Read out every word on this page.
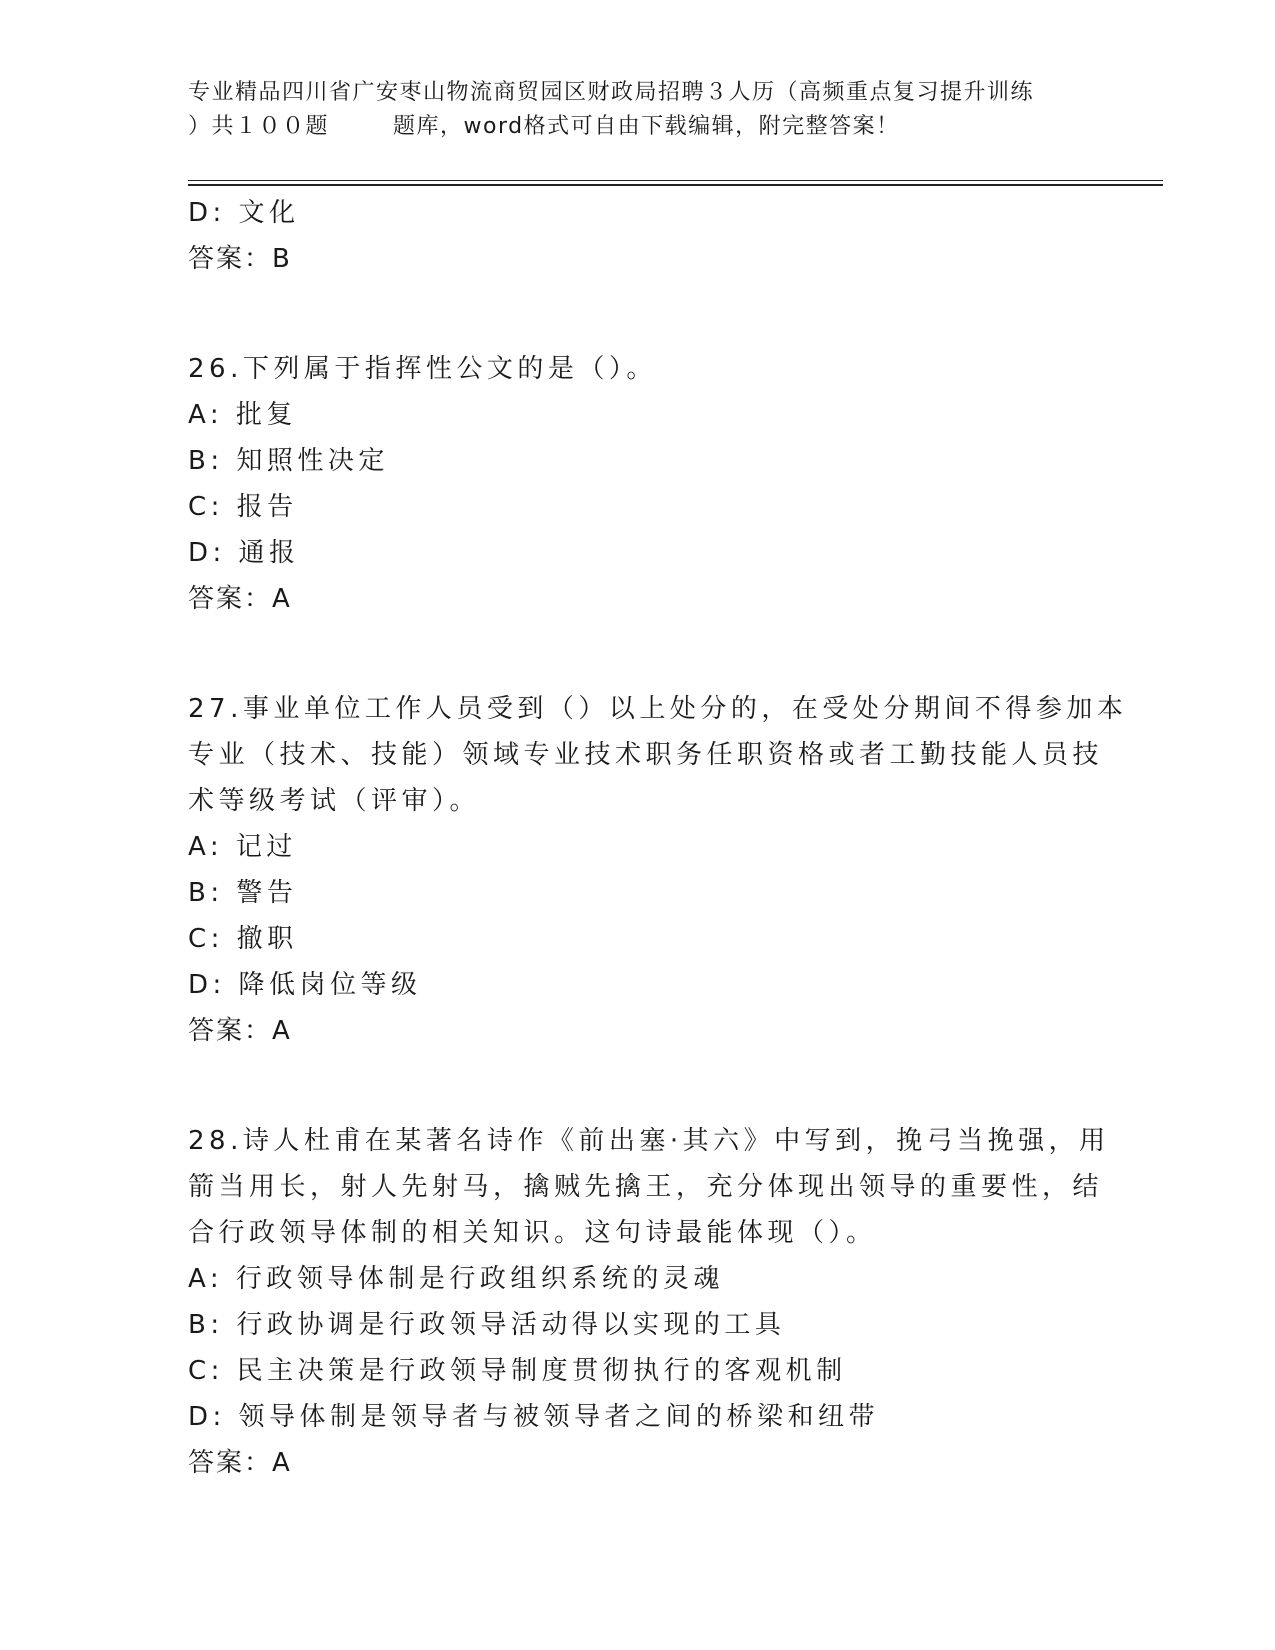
专业精品四川省广安枣山物流商贸园区财政局招聘３人历（高频重点复习提升训练
）共１００题	题库，word格式可自由下载编辑，附完整答案！
D: 文化
答案：B
26.下列属于指挥性公文的是（）。
A: 批复
B: 知照性决定
C: 报告
D: 通报
答案：A
27.事业单位工作人员受到（）以上处分的，在受处分期间不得参加本
专业（技术、技能）领域专业技术职务任职资格或者工勤技能人员技
术等级考试（评审）。
A: 记过
B: 警告
C: 撤职
D: 降低岗位等级
答案：A
28.诗人杜甫在某著名诗作《前出塞·其六》中写到，挽弓当挽强，用
箭当用长，射人先射马，擒贼先擒王，充分体现出领导的重要性，结
合行政领导体制的相关知识。这句诗最能体现（）。
A: 行政领导体制是行政组织系统的灵魂
B: 行政协调是行政领导活动得以实现的工具
C: 民主决策是行政领导制度贯彻执行的客观机制
D: 领导体制是领导者与被领导者之间的桥梁和纽带
答案：A
